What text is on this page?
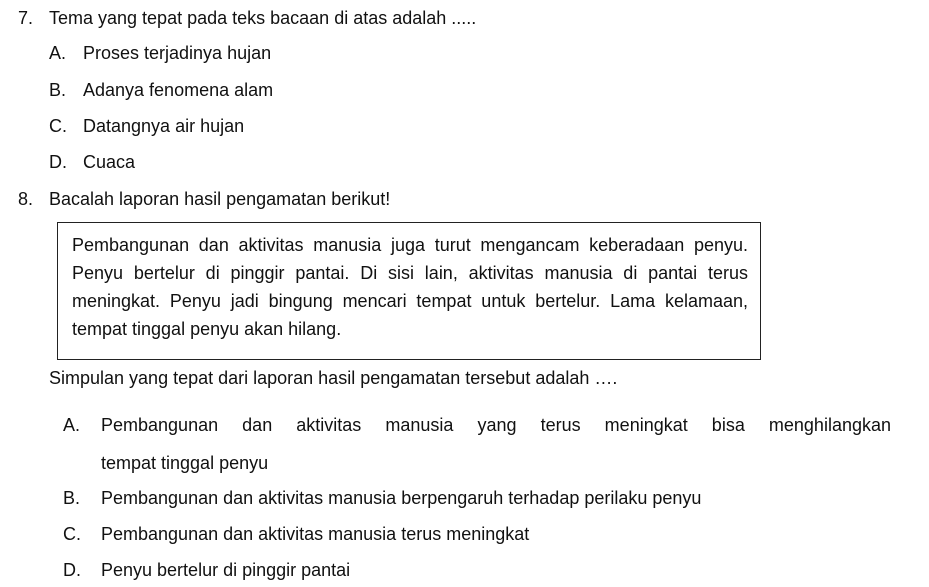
7. Tema yang tepat pada teks bacaan di atas adalah .....
A. Proses terjadinya hujan
B. Adanya fenomena alam
C. Datangnya air hujan
D. Cuaca
8. Bacalah laporan hasil pengamatan berikut!
Pembangunan dan aktivitas manusia juga turut mengancam keberadaan penyu. Penyu bertelur di pinggir pantai. Di sisi lain, aktivitas manusia di pantai terus meningkat. Penyu jadi bingung mencari tempat untuk bertelur. Lama kelamaan, tempat tinggal penyu akan hilang.
Simpulan yang tepat dari laporan hasil pengamatan tersebut adalah ….
A. Pembangunan dan aktivitas manusia yang terus meningkat bisa menghilangkan
tempat tinggal penyu
B. Pembangunan dan aktivitas manusia berpengaruh terhadap perilaku penyu
C. Pembangunan dan aktivitas manusia terus meningkat
D. Penyu bertelur di pinggir pantai
